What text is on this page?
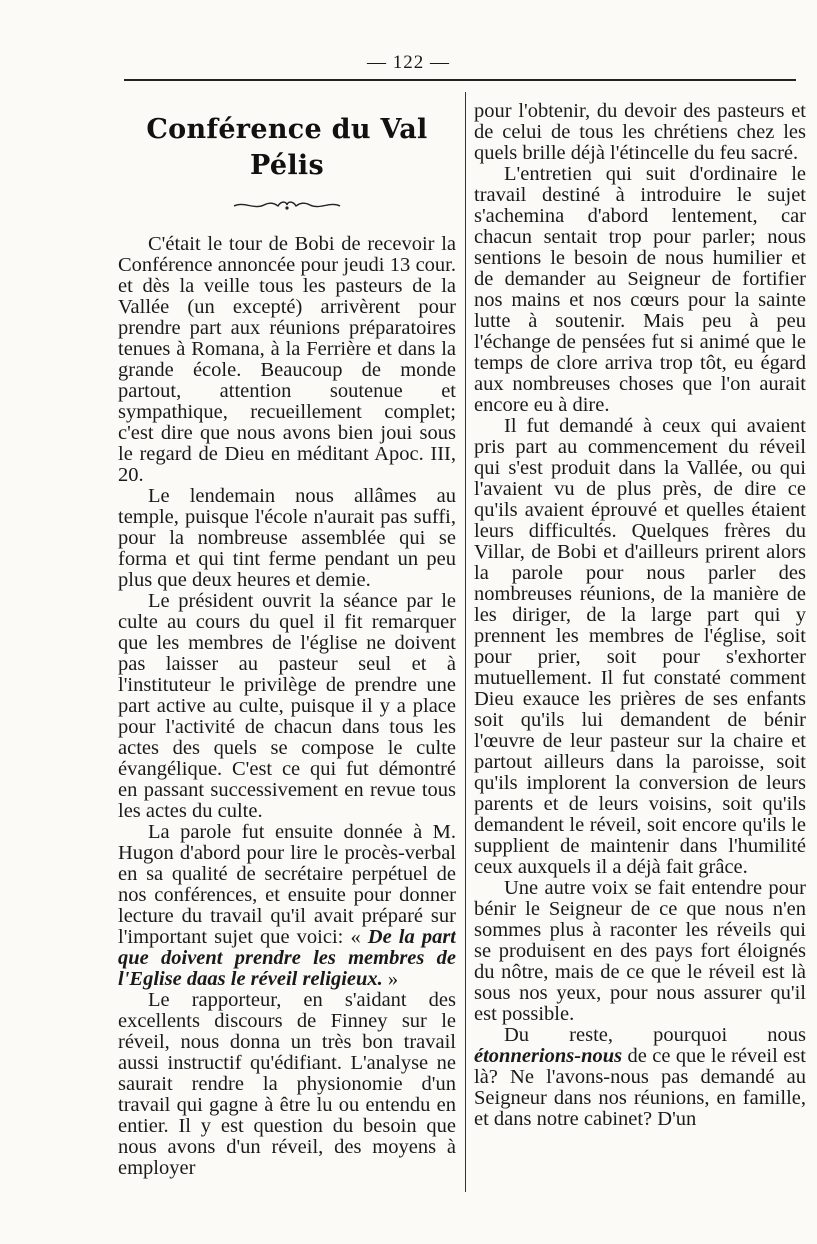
— 122 —
Conférence du Val Pélis

C'était le tour de Bobi de recevoir la Conférence annoncée pour jeudi 13 cour. et dès la veille tous les pasteurs de la Vallée (un excepté) arrivèrent pour prendre part aux réunions préparatoires tenues à Romana, à la Ferrière et dans la grande école. Beaucoup de monde partout, attention soutenue et sympathique, recueillement complet; c'est dire que nous avons bien joui sous le regard de Dieu en méditant Apoc. III, 20.

Le lendemain nous allâmes au temple, puisque l'école n'aurait pas suffi, pour la nombreuse assemblée qui se forma et qui tint ferme pendant un peu plus que deux heures et demie.

Le président ouvrit la séance par le culte au cours du quel il fit remarquer que les membres de l'église ne doivent pas laisser au pasteur seul et à l'instituteur le privilège de prendre une part active au culte, puisque il y a place pour l'activité de chacun dans tous les actes des quels se compose le culte évangélique. C'est ce qui fut démontré en passant successivement en revue tous les actes du culte.

La parole fut ensuite donnée à M. Hugon d'abord pour lire le procès-verbal en sa qualité de secrétaire perpétuel de nos conférences, et ensuite pour donner lecture du travail qu'il avait préparé sur l'important sujet que voici: « De la part que doivent prendre les membres de l'Eglise daas le réveil religieux. »

Le rapporteur, en s'aidant des excellents discours de Finney sur le réveil, nous donna un très bon travail aussi instructif qu'édifiant. L'analyse ne saurait rendre la physionomie d'un travail qui gagne à être lu ou entendu en entier. Il y est question du besoin que nous avons d'un réveil, des moyens à employer

pour l'obtenir, du devoir des pasteurs et de celui de tous les chrétiens chez les quels brille déjà l'étincelle du feu sacré.

L'entretien qui suit d'ordinaire le travail destiné à introduire le sujet s'achemina d'abord lentement, car chacun sentait trop pour parler; nous sentions le besoin de nous humilier et de demander au Seigneur de fortifier nos mains et nos cœurs pour la sainte lutte à soutenir. Mais peu à peu l'échange de pensées fut si animé que le temps de clore arriva trop tôt, eu égard aux nombreuses choses que l'on aurait encore eu à dire.

Il fut demandé à ceux qui avaient pris part au commencement du réveil qui s'est produit dans la Vallée, ou qui l'avaient vu de plus près, de dire ce qu'ils avaient éprouvé et quelles étaient leurs difficultés. Quelques frères du Villar, de Bobi et d'ailleurs prirent alors la parole pour nous parler des nombreuses réunions, de la manière de les diriger, de la large part qui y prennent les membres de l'église, soit pour prier, soit pour s'exhorter mutuellement. Il fut constaté comment Dieu exauce les prières de ses enfants soit qu'ils lui demandent de bénir l'œuvre de leur pasteur sur la chaire et partout ailleurs dans la paroisse, soit qu'ils implorent la conversion de leurs parents et de leurs voisins, soit qu'ils demandent le réveil, soit encore qu'ils le supplient de maintenir dans l'humilité ceux auxquels il a déjà fait grâce.

Une autre voix se fait entendre pour bénir le Seigneur de ce que nous n'en sommes plus à raconter les réveils qui se produisent en des pays fort éloignés du nôtre, mais de ce que le réveil est là sous nos yeux, pour nous assurer qu'il est possible.

Du reste, pourquoi nous étonnerions-nous de ce que le réveil est là? Ne l'avons-nous pas demandé au Seigneur dans nos réunions, en famille, et dans notre cabinet? D'un
